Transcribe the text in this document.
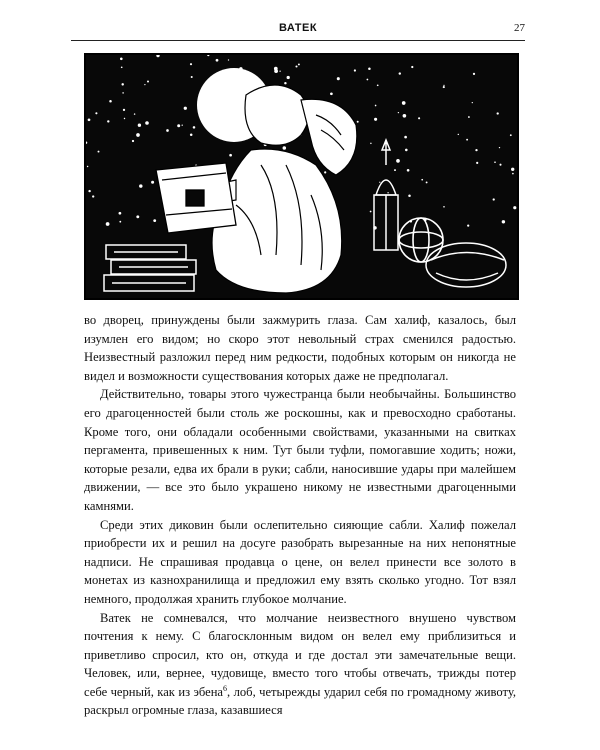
ВАТЕК	27

во дворец, принуждены были зажмурить глаза. Сам халиф, казалось, был изумлен его видом; но скоро этот невольный страх сменился радостью. Неизвестный разложил перед ним редкости, подобных которым он никогда не видел и возможности существования которых даже не предполагал.

Действительно, товары этого чужестранца были необычайны. Большинство его драгоценностей были столь же роскошны, как и превосходно сработаны. Кроме того, они обладали особенными свойствами, указанными на свитках пергамента, привешенных к ним. Тут были туфли, помогавшие ходить; ножи, которые резали, едва их брали в руки; сабли, наносившие удары при малейшем движении, — все это было украшено никому не известными драгоценными камнями.

Среди этих диковин были ослепительно сияющие сабли. Халиф пожелал приобрести их и решил на досуге разобрать вырезанные на них непонятные надписи. Не спрашивая продавца о цене, он велел принести все золото в монетах из казнохранилища и предложил ему взять сколько угодно. Тот взял немного, продолжая хранить глубокое молчание.

Ватек не сомневался, что молчание неизвестного внушено чувством почтения к нему. С благосклонным видом он велел ему приблизиться и приветливо спросил, кто он, откуда и где достал эти замечательные вещи. Человек, или, вернее, чудовище, вместо того чтобы отвечать, трижды потер себе черный, как из эбена$^6$, лоб, четырежды ударил себя по громадному животу, раскрыл огромные глаза, казавшиеся
